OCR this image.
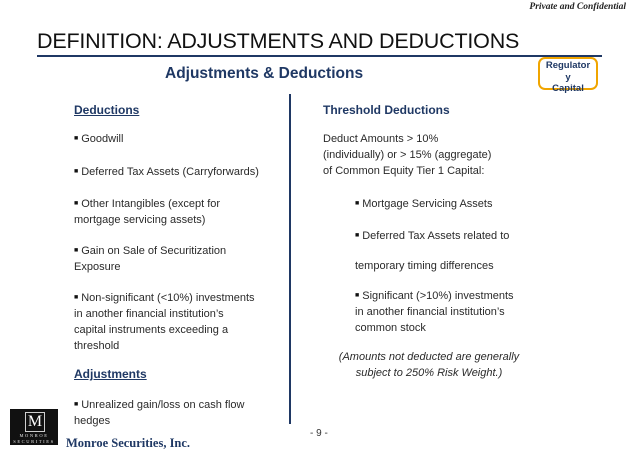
Private and Confidential
DEFINITION: ADJUSTMENTS AND DEDUCTIONS
Adjustments & Deductions	Regulator
y
Capital
Deductions
■ Goodwill
■ Deferred Tax Assets (Carryforwards)
■ Other Intangibles (except for
mortgage servicing assets)
■ Gain on Sale of Securitization
Exposure
■ Non-significant (<10%) investments
in another financial institution’s
capital instruments exceeding a
threshold
Adjustments
■ Unrealized gain/loss on cash flow
hedges
Threshold Deductions
Deduct Amounts > 10%
(individually) or > 15% (aggregate)
of Common Equity Tier 1 Capital:
■ Mortgage Servicing Assets
■ Deferred Tax Assets related to
temporary timing differences
■ Significant (>10%) investments
in another financial institution’s
common stock
(Amounts not deducted are generally
subject to 250% Risk Weight.)
M
MONROE
SECURITIES Monroe Securities, Inc.
- 9 -
